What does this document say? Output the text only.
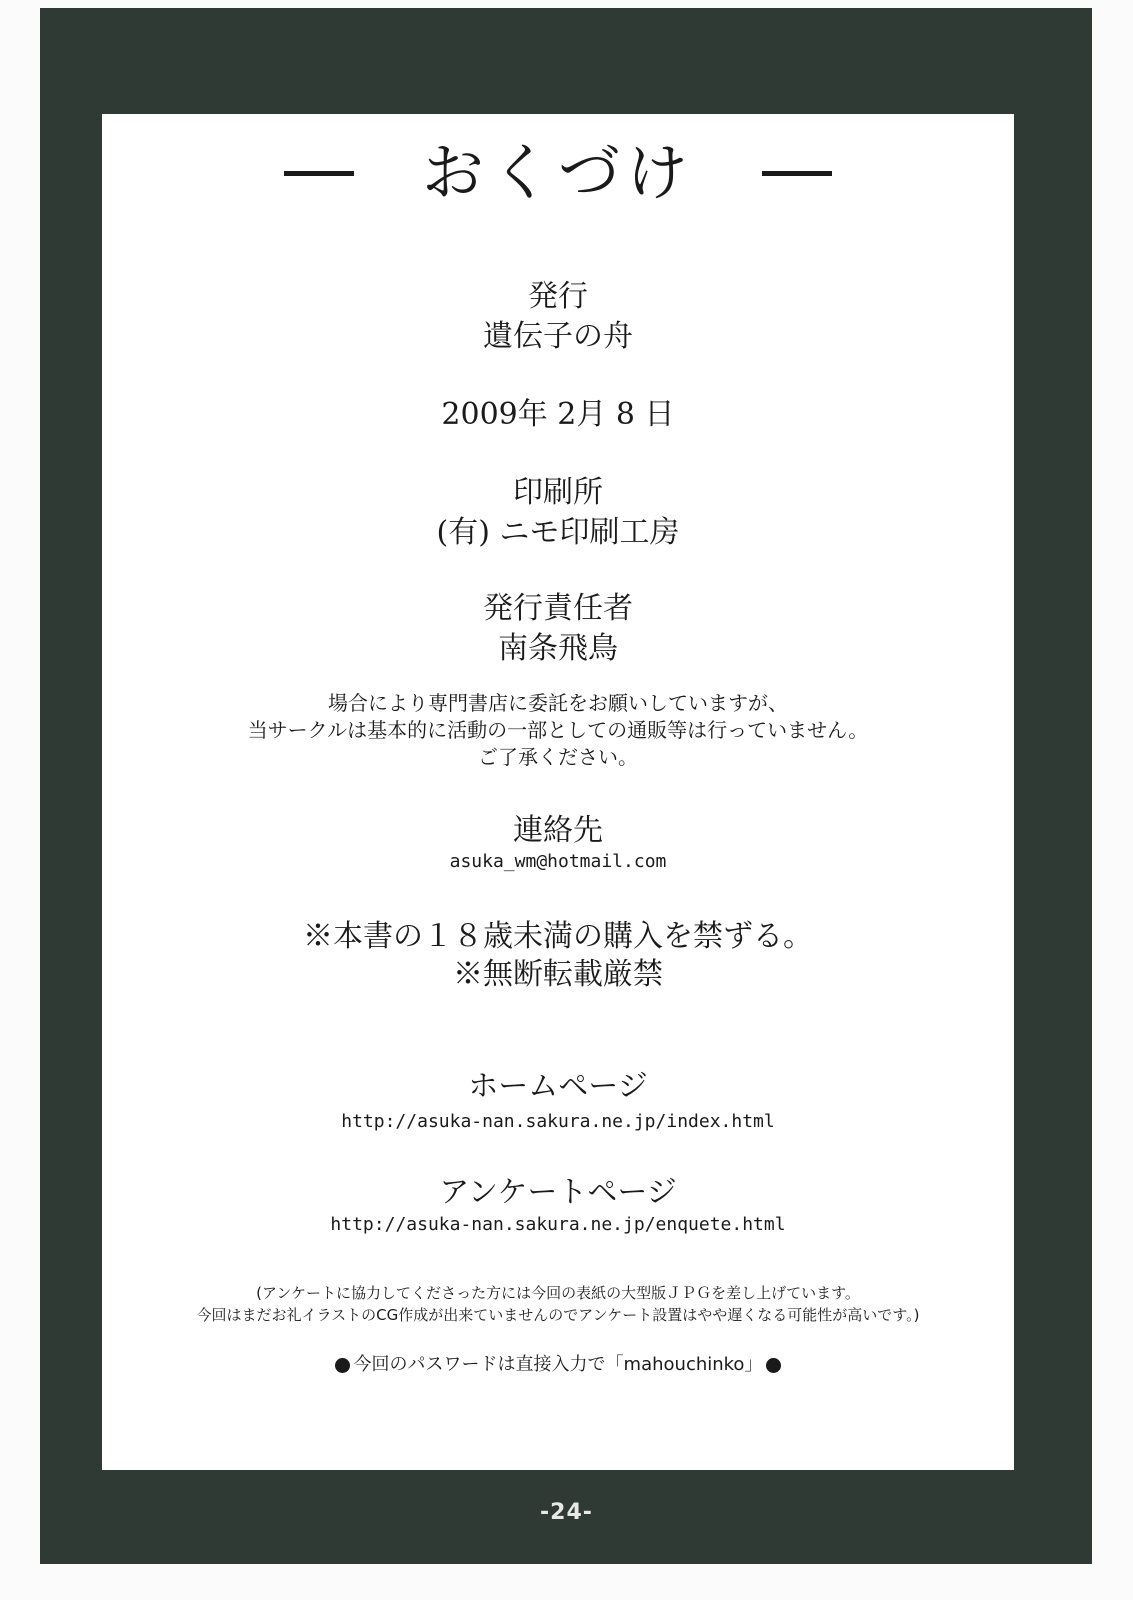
おくづけ
発行
遺伝子の舟
2009年 2月 8 日
印刷所
(有) ニモ印刷工房
発行責任者
南条飛鳥
場合により専門書店に委託をお願いしていますが、
当サークルは基本的に活動の一部としての通販等は行っていません。
ご了承ください。
連絡先
asuka_wm@hotmail.com
※本書の１８歳未満の購入を禁ずる。
※無断転載厳禁
ホームページ
http://asuka-nan.sakura.ne.jp/index.html
アンケートページ
http://asuka-nan.sakura.ne.jp/enquete.html
(アンケートに協力してくださった方には今回の表紙の大型版ＪＰＧを差し上げています。
今回はまだお礼イラストのCG作成が出来ていませんのでアンケート設置はやや遅くなる可能性が高いです。)
今回のパスワードは直接入力で「mahouchinko」
-24-
